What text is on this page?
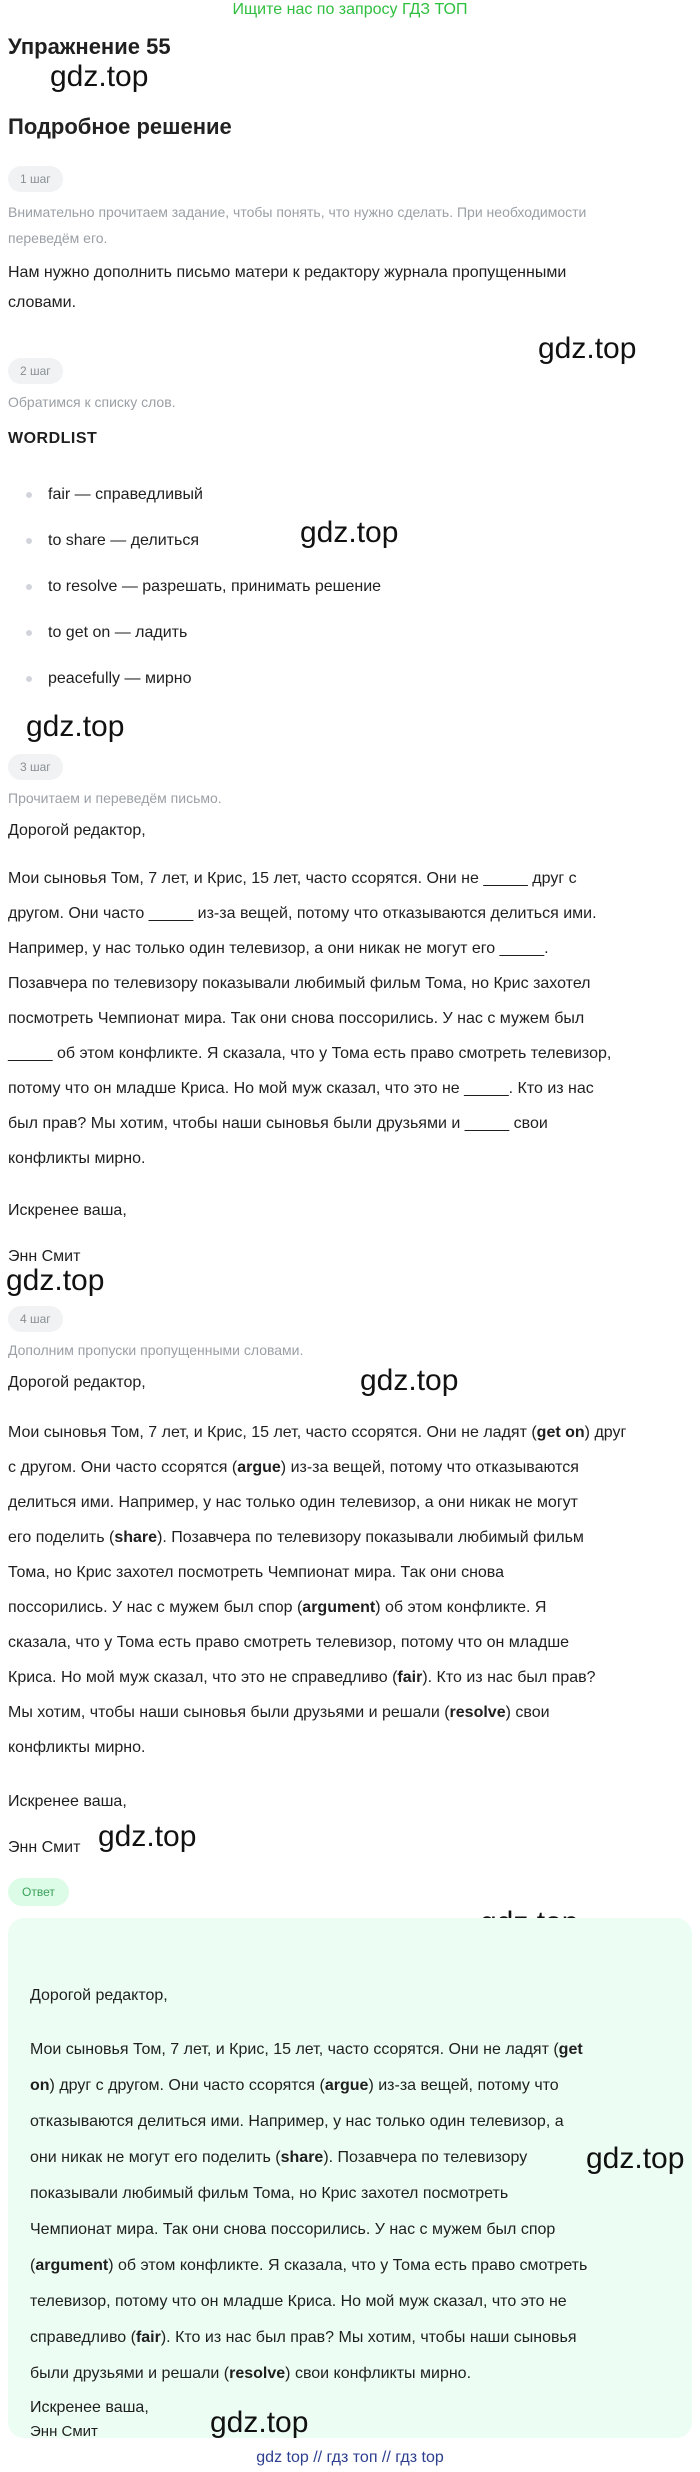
Ищите нас по запросу ГДЗ ТОП
Упражнение 55
gdz.top
Подробное решение
1 шаг
Внимательно прочитаем задание, чтобы понять, что нужно сделать. При необходимости
переведём его.
Нам нужно дополнить письмо матери к редактору журнала пропущенными
словами.
gdz.top
2 шаг
Обратимся к списку слов.
WORDLIST
fair — справедливый
to share — делиться
to resolve — разрешать, принимать решение
to get on — ладить
peacefully — мирно
gdz.top
gdz.top
3 шаг
Прочитаем и переведём письмо.
Дорогой редактор,
Мои сыновья Том, 7 лет, и Крис, 15 лет, часто ссорятся. Они не _____ друг с
другом. Они часто _____ из-за вещей, потому что отказываются делиться ими.
Например, у нас только один телевизор, а они никак не могут его _____.
Позавчера по телевизору показывали любимый фильм Тома, но Крис захотел
посмотреть Чемпионат мира. Так они снова поссорились. У нас с мужем был
_____ об этом конфликте. Я сказала, что у Тома есть право смотреть телевизор,
потому что он младше Криса. Но мой муж сказал, что это не _____. Кто из нас
был прав? Мы хотим, чтобы наши сыновья были друзьями и _____ свои
конфликты мирно.
Искренее ваша,
Энн Смит
gdz.top
4 шаг
Дополним пропуски пропущенными словами.
Дорогой редактор,	gdz.top
Мои сыновья Том, 7 лет, и Крис, 15 лет, часто ссорятся. Они не ладят (get on) друг
с другом. Они часто ссорятся (argue) из-за вещей, потому что отказываются
делиться ими. Например, у нас только один телевизор, а они никак не могут
его поделить (share). Позавчера по телевизору показывали любимый фильм
Тома, но Крис захотел посмотреть Чемпионат мира. Так они снова
поссорились. У нас с мужем был спор (argument) об этом конфликте. Я
сказала, что у Тома есть право смотреть телевизор, потому что он младше
Криса. Но мой муж сказал, что это не справедливо (fair). Кто из нас был прав?
Мы хотим, чтобы наши сыновья были друзьями и решали (resolve) свои
конфликты мирно.
Искренее ваша,
Энн Смит gdz.top
Ответ
Дорогой редактор,
Мои сыновья Том, 7 лет, и Крис, 15 лет, часто ссорятся. Они не ладят (get
on) друг с другом. Они часто ссорятся (argue) из-за вещей, потому что
отказываются делиться ими. Например, у нас только один телевизор, а
они никак не могут его поделить (share). Позавчера по телевизору
показывали любимый фильм Тома, но Крис захотел посмотреть
Чемпионат мира. Так они снова поссорились. У нас с мужем был спор
(argument) об этом конфликте. Я сказала, что у Тома есть право смотреть
телевизор, потому что он младше Криса. Но мой муж сказал, что это не
справедливо (fair). Кто из нас был прав? Мы хотим, чтобы наши сыновья
были друзьями и решали (resolve) свои конфликты мирно.
gdz.top
Искренее ваша,
Энн Смит	gdz.top
gdz top // гдз топ // гдз top
